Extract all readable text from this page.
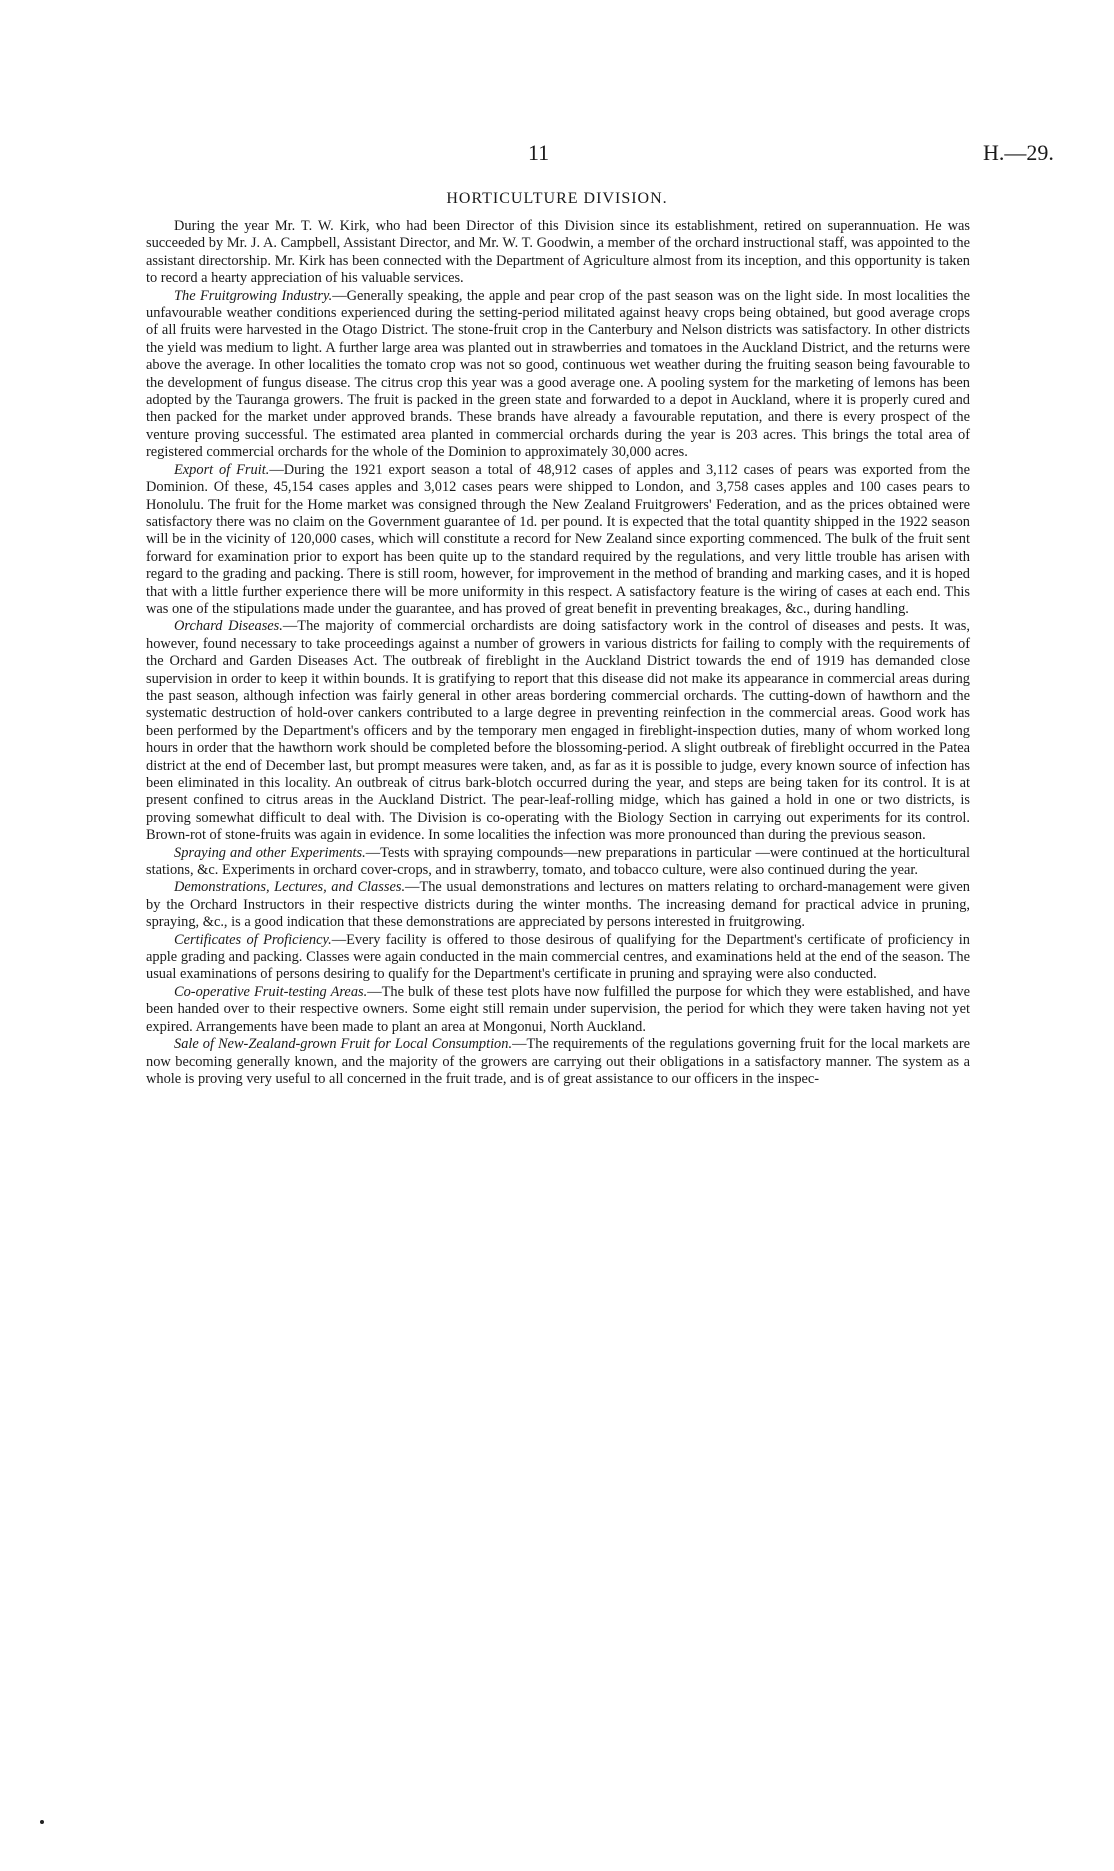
11	H.—29.
HORTICULTURE DIVISION.

During the year Mr. T. W. Kirk, who had been Director of this Division since its establishment, retired on superannuation. He was succeeded by Mr. J. A. Campbell, Assistant Director, and Mr. W. T. Goodwin, a member of the orchard instructional staff, was appointed to the assistant directorship. Mr. Kirk has been connected with the Department of Agriculture almost from its inception, and this opportunity is taken to record a hearty appreciation of his valuable services.

The Fruitgrowing Industry.—Generally speaking, the apple and pear crop of the past season was on the light side. In most localities the unfavourable weather conditions experienced during the setting-period militated against heavy crops being obtained, but good average crops of all fruits were harvested in the Otago District. The stone-fruit crop in the Canterbury and Nelson districts was satisfactory. In other districts the yield was medium to light. A further large area was planted out in strawberries and tomatoes in the Auckland District, and the returns were above the average. In other localities the tomato crop was not so good, continuous wet weather during the fruiting season being favourable to the development of fungus disease. The citrus crop this year was a good average one. A pooling system for the marketing of lemons has been adopted by the Tauranga growers. The fruit is packed in the green state and forwarded to a depot in Auckland, where it is properly cured and then packed for the market under approved brands. These brands have already a favourable reputation, and there is every prospect of the venture proving successful. The estimated area planted in commercial orchards during the year is 203 acres. This brings the total area of registered commercial orchards for the whole of the Dominion to approximately 30,000 acres.

Export of Fruit.—During the 1921 export season a total of 48,912 cases of apples and 3,112 cases of pears was exported from the Dominion. Of these, 45,154 cases apples and 3,012 cases pears were shipped to London, and 3,758 cases apples and 100 cases pears to Honolulu. The fruit for the Home market was consigned through the New Zealand Fruitgrowers' Federation, and as the prices obtained were satisfactory there was no claim on the Government guarantee of 1d. per pound. It is expected that the total quantity shipped in the 1922 season will be in the vicinity of 120,000 cases, which will constitute a record for New Zealand since exporting commenced. The bulk of the fruit sent forward for examination prior to export has been quite up to the standard required by the regulations, and very little trouble has arisen with regard to the grading and packing. There is still room, however, for improvement in the method of branding and marking cases, and it is hoped that with a little further experience there will be more uniformity in this respect. A satisfactory feature is the wiring of cases at each end. This was one of the stipulations made under the guarantee, and has proved of great benefit in preventing breakages, &c., during handling.

Orchard Diseases.—The majority of commercial orchardists are doing satisfactory work in the control of diseases and pests. It was, however, found necessary to take proceedings against a number of growers in various districts for failing to comply with the requirements of the Orchard and Garden Diseases Act. The outbreak of fireblight in the Auckland District towards the end of 1919 has demanded close supervision in order to keep it within bounds. It is gratifying to report that this disease did not make its appearance in commercial areas during the past season, although infection was fairly general in other areas bordering commercial orchards. The cutting-down of hawthorn and the systematic destruction of hold-over cankers contributed to a large degree in preventing reinfection in the commercial areas. Good work has been performed by the Department's officers and by the temporary men engaged in fireblight-inspection duties, many of whom worked long hours in order that the hawthorn work should be completed before the blossoming-period. A slight outbreak of fireblight occurred in the Patea district at the end of December last, but prompt measures were taken, and, as far as it is possible to judge, every known source of infection has been eliminated in this locality. An outbreak of citrus bark-blotch occurred during the year, and steps are being taken for its control. It is at present confined to citrus areas in the Auckland District. The pear-leaf-rolling midge, which has gained a hold in one or two districts, is proving somewhat difficult to deal with. The Division is co-operating with the Biology Section in carrying out experiments for its control. Brown-rot of stone-fruits was again in evidence. In some localities the infection was more pronounced than during the previous season.

Spraying and other Experiments.—Tests with spraying compounds—new preparations in particular —were continued at the horticultural stations, &c. Experiments in orchard cover-crops, and in strawberry, tomato, and tobacco culture, were also continued during the year.

Demonstrations, Lectures, and Classes.—The usual demonstrations and lectures on matters relating to orchard-management were given by the Orchard Instructors in their respective districts during the winter months. The increasing demand for practical advice in pruning, spraying, &c., is a good indication that these demonstrations are appreciated by persons interested in fruitgrowing.

Certificates of Proficiency.—Every facility is offered to those desirous of qualifying for the Department's certificate of proficiency in apple grading and packing. Classes were again conducted in the main commercial centres, and examinations held at the end of the season. The usual examinations of persons desiring to qualify for the Department's certificate in pruning and spraying were also conducted.

Co-operative Fruit-testing Areas.—The bulk of these test plots have now fulfilled the purpose for which they were established, and have been handed over to their respective owners. Some eight still remain under supervision, the period for which they were taken having not yet expired. Arrangements have been made to plant an area at Mongonui, North Auckland.

Sale of New-Zealand-grown Fruit for Local Consumption.—The requirements of the regulations governing fruit for the local markets are now becoming generally known, and the majority of the growers are carrying out their obligations in a satisfactory manner. The system as a whole is proving very useful to all concerned in the fruit trade, and is of great assistance to our officers in the inspec-
